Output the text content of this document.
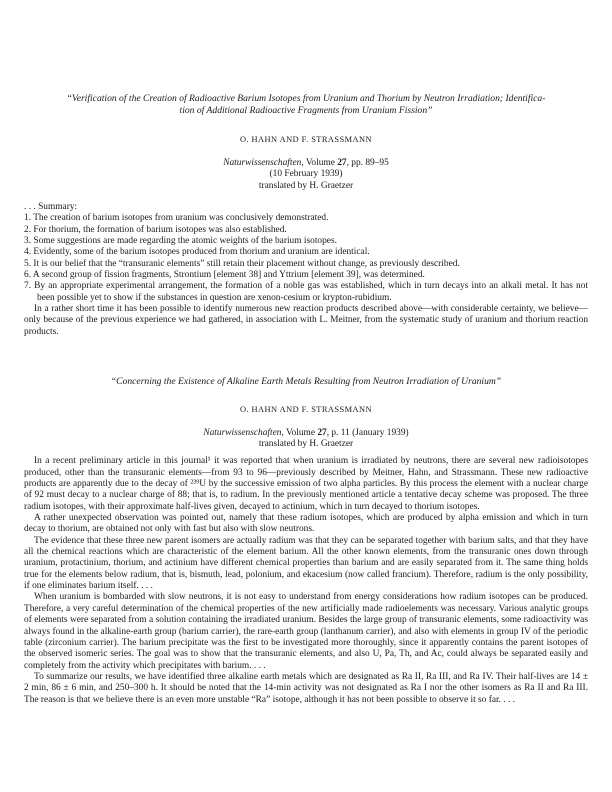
“Verification of the Creation of Radioactive Barium Isotopes from Uranium and Thorium by Neutron Irradiation; Identifica-
tion of Additional Radioactive Fragments from Uranium Fission”
O. HAHN AND F. STRASSMANN
Naturwissenschaften, Volume 27, pp. 89–95
(10 February 1939)
translated by H. Graetzer
. . . Summary:
1. The creation of barium isotopes from uranium was conclusively demonstrated.
2. For thorium, the formation of barium isotopes was also established.
3. Some suggestions are made regarding the atomic weights of the barium isotopes.
4. Evidently, some of the barium isotopes produced from thorium and uranium are identical.
5. It is our belief that the “transuranic elements” still retain their placement without change, as previously described.
6. A second group of fission fragments, Strontium [element 38] and Yttrium [element 39], was determined.
7. By an appropriate experimental arrangement, the formation of a noble gas was established, which in turn decays into an alkali metal. It has not been possible yet to show if the substances in question are xenon-cesium or krypton-rubidium.
In a rather short time it has been possible to identify numerous new reaction products described above—with considerable certainty, we believe—only because of the previous experience we had gathered, in association with L. Meitner, from the systematic study of uranium and thorium reaction products.
“Concerning the Existence of Alkaline Earth Metals Resulting from Neutron Irradiation of Uranium”
O. HAHN AND F. STRASSMANN
Naturwissenschaften, Volume 27, p. 11 (January 1939)
translated by H. Graetzer
In a recent preliminary article in this journal¹ it was reported that when uranium is irradiated by neutrons, there are several new radioisotopes produced, other than the transuranic elements—from 93 to 96—previously described by Meitner, Hahn, and Strassmann. These new radioactive products are apparently due to the decay of ²³⁹U by the successive emission of two alpha particles. By this process the element with a nuclear charge of 92 must decay to a nuclear charge of 88; that is, to radium. In the previously mentioned article a tentative decay scheme was proposed. The three radium isotopes, with their approximate half-lives given, decayed to actinium, which in turn decayed to thorium isotopes.
A rather unexpected observation was pointed out, namely that these radium isotopes, which are produced by alpha emission and which in turn decay to thorium, are obtained not only with fast but also with slow neutrons.
The evidence that these three new parent isomers are actually radium was that they can be separated together with barium salts, and that they have all the chemical reactions which are characteristic of the element barium. All the other known elements, from the transuranic ones down through uranium, protactinium, thorium, and actinium have different chemical properties than barium and are easily separated from it. The same thing holds true for the elements below radium, that is, bismuth, lead, polonium, and ekacesium (now called francium). Therefore, radium is the only possibility, if one eliminates barium itself. . . .
When uranium is bombarded with slow neutrons, it is not easy to understand from energy considerations how radium isotopes can be produced. Therefore, a very careful determination of the chemical properties of the new artificially made radioelements was necessary. Various analytic groups of elements were separated from a solution containing the irradiated uranium. Besides the large group of transuranic elements, some radioactivity was always found in the alkaline-earth group (barium carrier), the rare-earth group (lanthanum carrier), and also with elements in group IV of the periodic table (zirconium carrier). The barium precipitate was the first to be investigated more thoroughly, since it apparently contains the parent isotopes of the observed isomeric series. The goal was to show that the transuranic elements, and also U, Pa, Th, and Ac, could always be separated easily and completely from the activity which precipitates with barium. . . .
To summarize our results, we have identified three alkaline earth metals which are designated as Ra II, Ra III, and Ra IV. Their half-lives are 14 ± 2 min, 86 ± 6 min, and 250–300 h. It should be noted that the 14-min activity was not designated as Ra I nor the other isomers as Ra II and Ra III. The reason is that we believe there is an even more unstable “Ra” isotope, although it has not been possible to observe it so far. . . .
